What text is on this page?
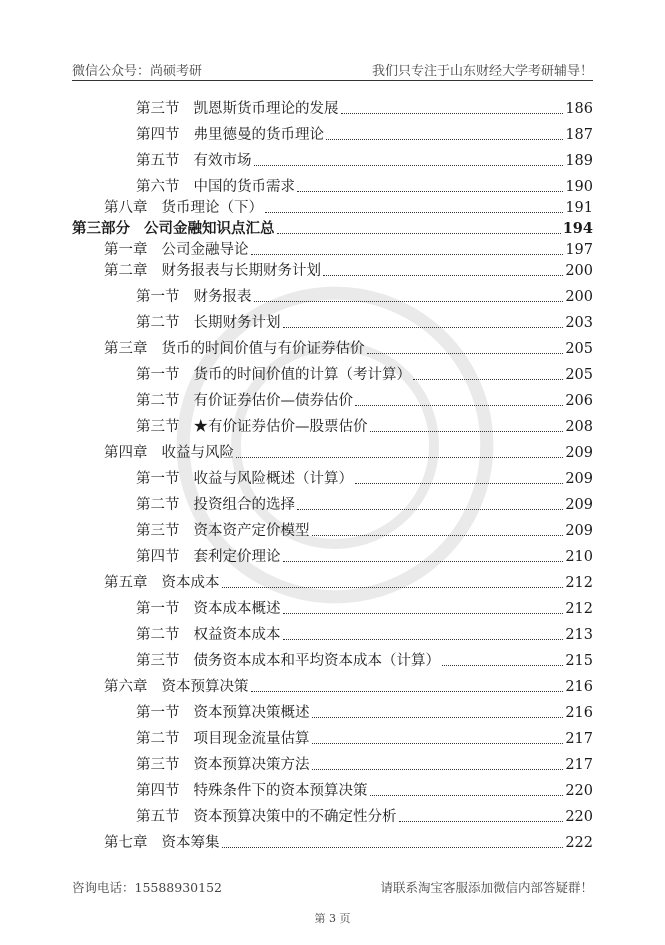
微信公众号：尚硕考研	我们只专注于山东财经大学考研辅导！
第三节 凯恩斯货币理论的发展	186
第四节 弗里德曼的货币理论	187
第五节 有效市场	189
第六节 中国的货币需求	190
第八章 货币理论（下）	191
第三部分 公司金融知识点汇总	194
第一章 公司金融导论	197
第二章 财务报表与长期财务计划	200
第一节 财务报表	200
第二节 长期财务计划	203
第三章 货币的时间价值与有价证券估价	205
第一节 货币的时间价值的计算（考计算）	205
第二节 有价证券估价—债券估价	206
第三节 ★有价证券估价—股票估价	208
第四章 收益与风险	209
第一节 收益与风险概述（计算）	209
第二节 投资组合的选择	209
第三节 资本资产定价模型	209
第四节 套利定价理论	210
第五章 资本成本	212
第一节 资本成本概述	212
第二节 权益资本成本	213
第三节 债务资本成本和平均资本成本（计算）	215
第六章 资本预算决策	216
第一节 资本预算决策概述	216
第二节 项目现金流量估算	217
第三节 资本预算决策方法	217
第四节 特殊条件下的资本预算决策	220
第五节 资本预算决策中的不确定性分析	220
第七章 资本筹集	222
咨询电话：15588930152	请联系淘宝客服添加微信内部答疑群！
第 3 页
